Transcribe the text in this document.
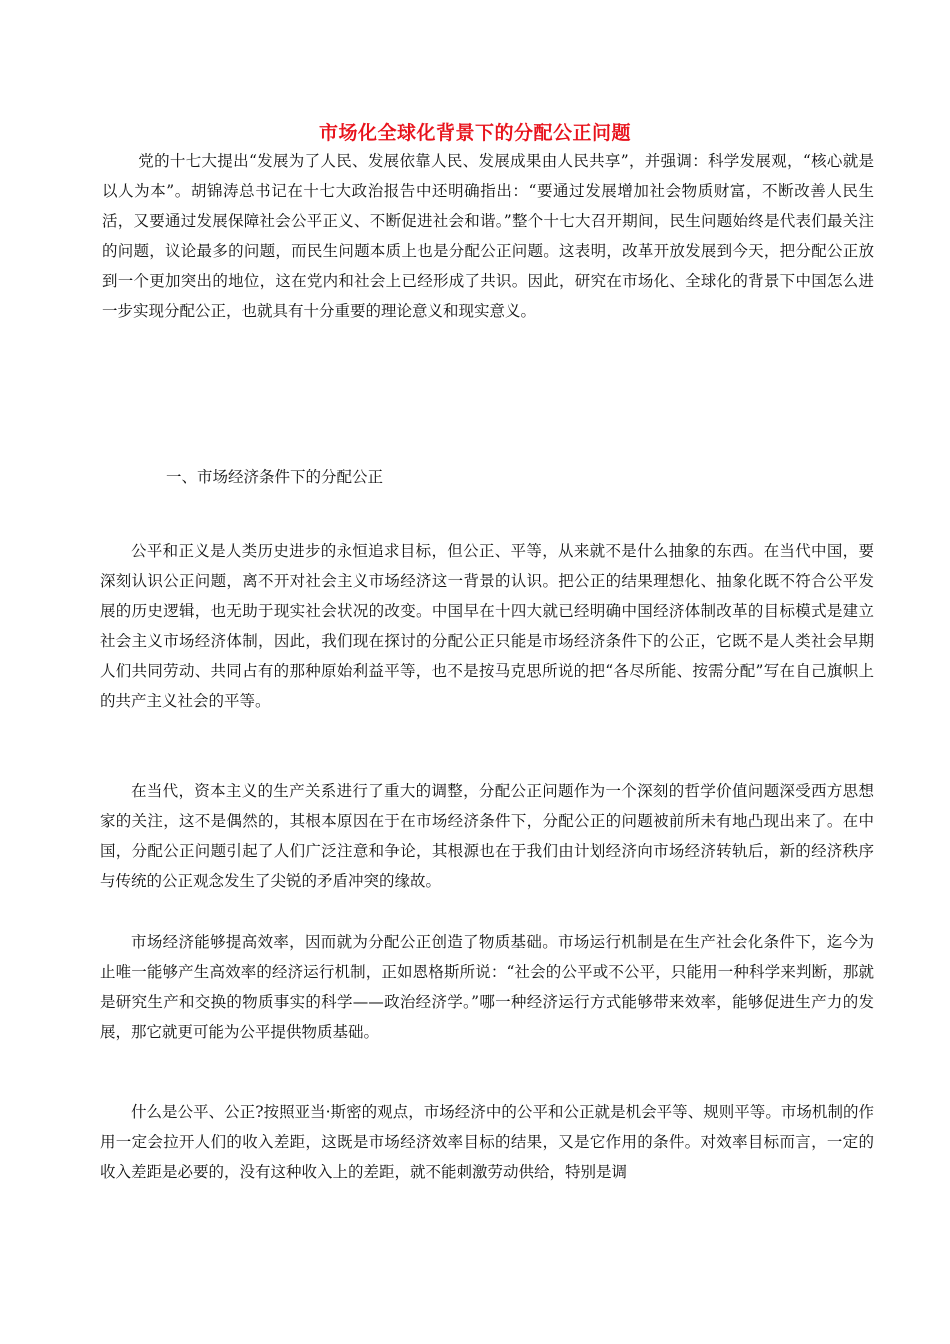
市场化全球化背景下的分配公正问题

党的十七大提出“发展为了人民、发展依靠人民、发展成果由人民共享”，并强调：科学发展观，“核心就是以人为本”。胡锦涛总书记在十七大政治报告中还明确指出：“要通过发展增加社会物质财富，不断改善人民生活，又要通过发展保障社会公平正义、不断促进社会和谐。”整个十七大召开期间，民生问题始终是代表们最关注的问题，议论最多的问题，而民生问题本质上也是分配公正问题。这表明，改革开放发展到今天，把分配公正放到一个更加突出的地位，这在党内和社会上已经形成了共识。因此，研究在市场化、全球化的背景下中国怎么进一步实现分配公正，也就具有十分重要的理论意义和现实意义。

一、市场经济条件下的分配公正

公平和正义是人类历史进步的永恒追求目标，但公正、平等，从来就不是什么抽象的东西。在当代中国，要深刻认识公正问题，离不开对社会主义市场经济这一背景的认识。把公正的结果理想化、抽象化既不符合公平发展的历史逻辑，也无助于现实社会状况的改变。中国早在十四大就已经明确中国经济体制改革的目标模式是建立社会主义市场经济体制，因此，我们现在探讨的分配公正只能是市场经济条件下的公正，它既不是人类社会早期人们共同劳动、共同占有的那种原始利益平等，也不是按马克思所说的把“各尽所能、按需分配”写在自己旗帜上的共产主义社会的平等。

在当代，资本主义的生产关系进行了重大的调整，分配公正问题作为一个深刻的哲学价值问题深受西方思想家的关注，这不是偶然的，其根本原因在于在市场经济条件下，分配公正的问题被前所未有地凸现出来了。在中国，分配公正问题引起了人们广泛注意和争论，其根源也在于我们由计划经济向市场经济转轨后，新的经济秩序与传统的公正观念发生了尖锐的矛盾冲突的缘故。

市场经济能够提高效率，因而就为分配公正创造了物质基础。市场运行机制是在生产社会化条件下，迄今为止唯一能够产生高效率的经济运行机制，正如恩格斯所说：“社会的公平或不公平，只能用一种科学来判断，那就是研究生产和交换的物质事实的科学——政治经济学。”哪一种经济运行方式能够带来效率，能够促进生产力的发展，那它就更可能为公平提供物质基础。

什么是公平、公正?按照亚当·斯密的观点，市场经济中的公平和公正就是机会平等、规则平等。市场机制的作用一定会拉开人们的收入差距，这既是市场经济效率目标的结果，又是它作用的条件。对效率目标而言，一定的收入差距是必要的，没有这种收入上的差距，就不能刺激劳动供给，特别是调
